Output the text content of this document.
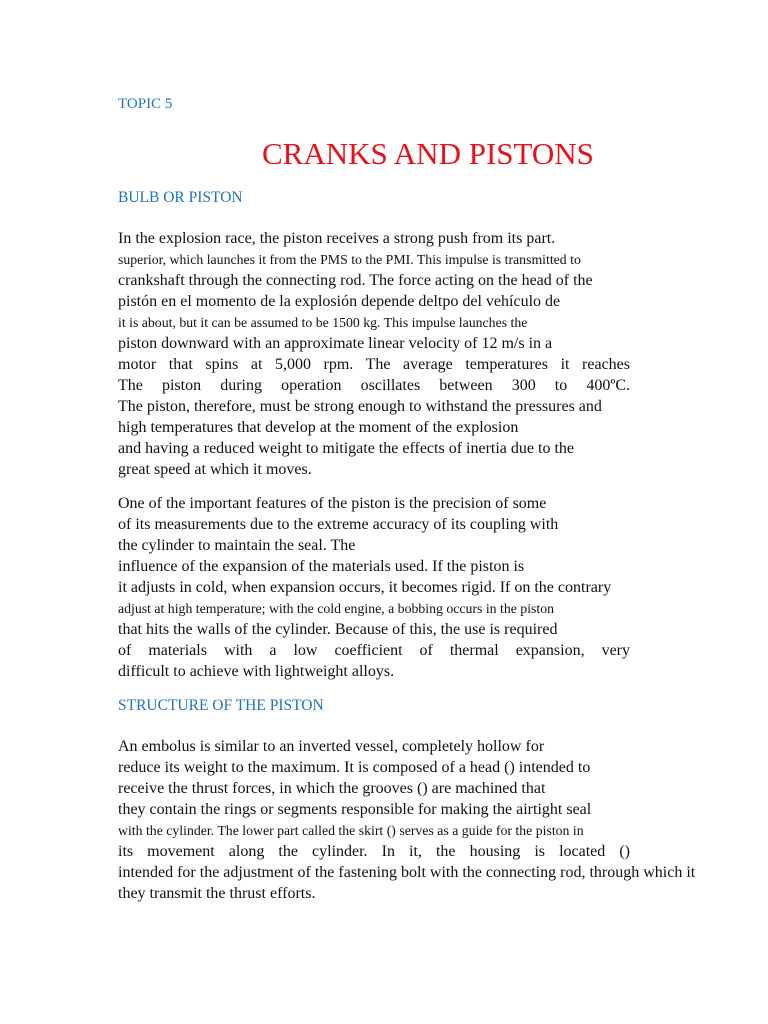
TOPIC 5
CRANKS AND PISTONS
BULB OR PISTON
In the explosion race, the piston receives a strong push from its part.
superior, which launches it from the PMS to the PMI. This impulse is transmitted to
crankshaft through the connecting rod. The force acting on the head of the
pistón en el momento de la explosión depende deltpo del vehículo de
it is about, but it can be assumed to be 1500 kg. This impulse launches the
piston downward with an approximate linear velocity of 12 m/s in a
motor that spins at 5,000 rpm. The average temperatures it reaches
The piston during operation oscillates between 300 to 400ºC.
The piston, therefore, must be strong enough to withstand the pressures and
high temperatures that develop at the moment of the explosion
and having a reduced weight to mitigate the effects of inertia due to the
great speed at which it moves.
One of the important features of the piston is the precision of some
of its measurements due to the extreme accuracy of its coupling with
the cylinder to maintain the seal. The
influence of the expansion of the materials used. If the piston is
it adjusts in cold, when expansion occurs, it becomes rigid. If on the contrary
adjust at high temperature; with the cold engine, a bobbing occurs in the piston
that hits the walls of the cylinder. Because of this, the use is required
of materials with a low coefficient of thermal expansion, very
difficult to achieve with lightweight alloys.
STRUCTURE OF THE PISTON
An embolus is similar to an inverted vessel, completely hollow for
reduce its weight to the maximum. It is composed of a head () intended to
receive the thrust forces, in which the grooves () are machined that
they contain the rings or segments responsible for making the airtight seal
with the cylinder. The lower part called the skirt () serves as a guide for the piston in
its movement along the cylinder. In it, the housing is located ()
intended for the adjustment of the fastening bolt with the connecting rod, through which it
they transmit the thrust efforts.
